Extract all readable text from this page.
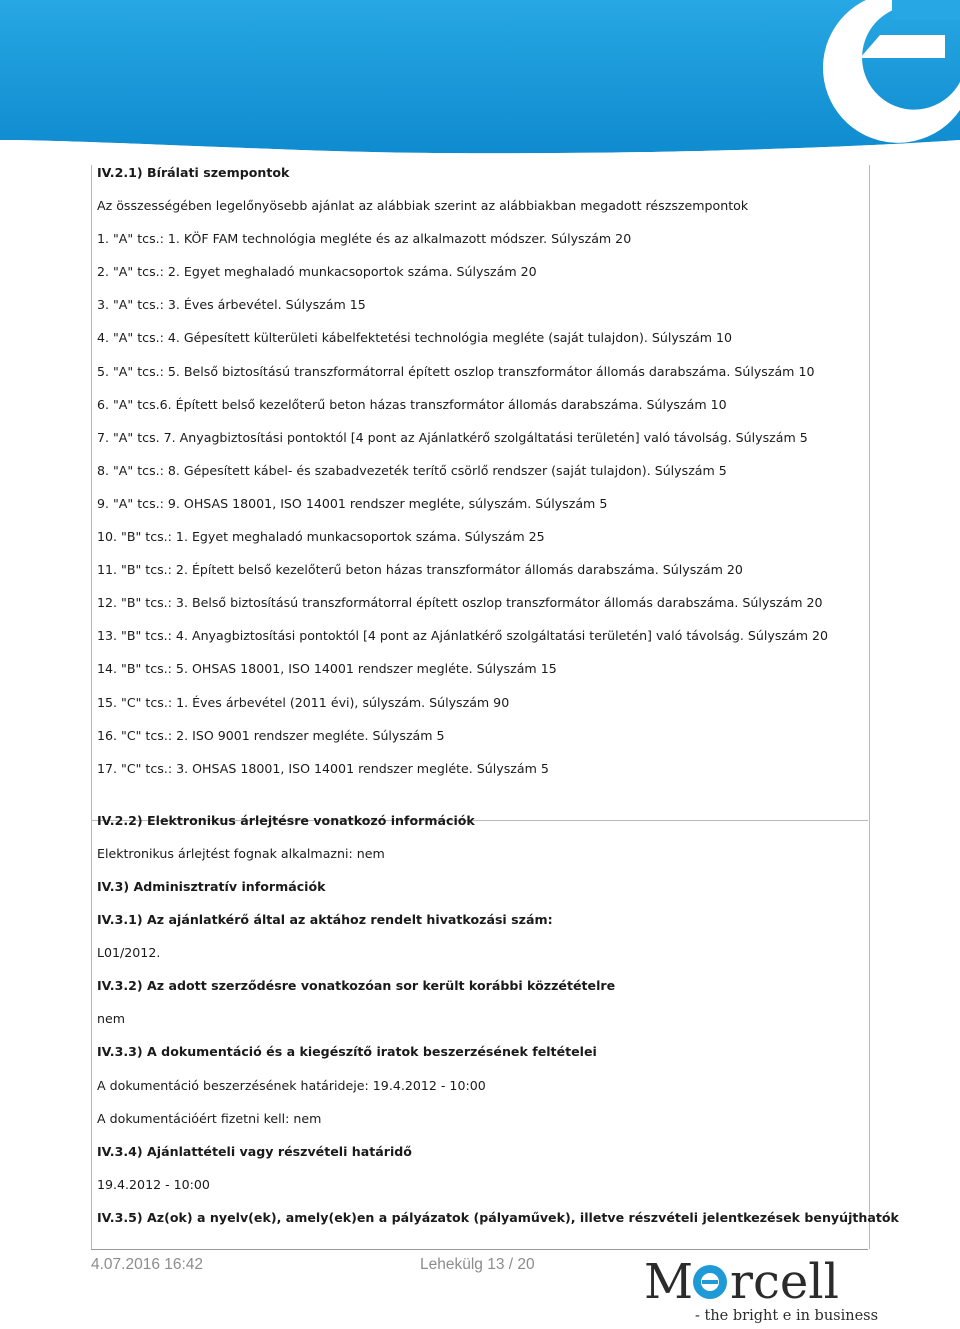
IV.2.1) Bírálati szempontok
Az összességében legelőnyösebb ajánlat az alábbiak szerint az alábbiakban megadott részszempontok
1. "A" tcs.: 1. KÖF FAM technológia megléte és az alkalmazott módszer. Súlyszám 20
2. "A" tcs.: 2. Egyet meghaladó munkacsoportok száma. Súlyszám 20
3. "A" tcs.: 3. Éves árbevétel. Súlyszám 15
4. "A" tcs.: 4. Gépesített külterületi kábelfektetési technológia megléte (saját tulajdon). Súlyszám 10
5. "A" tcs.: 5. Belső biztosítású transzformátorral épített oszlop transzformátor állomás darabszáma. Súlyszám 10
6. "A" tcs.6. Épített belső kezelőterű beton házas transzformátor állomás darabszáma. Súlyszám 10
7. "A" tcs. 7. Anyagbiztosítási pontoktól [4 pont az Ajánlatkérő szolgáltatási területén] való távolság. Súlyszám 5
8. "A" tcs.: 8. Gépesített kábel- és szabadvezeték terítő csörlő rendszer (saját tulajdon). Súlyszám 5
9. "A" tcs.: 9. OHSAS 18001, ISO 14001 rendszer megléte, súlyszám. Súlyszám 5
10. "B" tcs.: 1. Egyet meghaladó munkacsoportok száma. Súlyszám 25
11. "B" tcs.: 2. Épített belső kezelőterű beton házas transzformátor állomás darabszáma. Súlyszám 20
12. "B" tcs.: 3. Belső biztosítású transzformátorral épített oszlop transzformátor állomás darabszáma. Súlyszám 20
13. "B" tcs.: 4. Anyagbiztosítási pontoktól [4 pont az Ajánlatkérő szolgáltatási területén] való távolság. Súlyszám 20
14. "B" tcs.: 5. OHSAS 18001, ISO 14001 rendszer megléte. Súlyszám 15
15. "C" tcs.: 1. Éves árbevétel (2011 évi), súlyszám. Súlyszám 90
16. "C" tcs.: 2. ISO 9001 rendszer megléte. Súlyszám 5
17. "C" tcs.: 3. OHSAS 18001, ISO 14001 rendszer megléte. Súlyszám 5
IV.2.2) Elektronikus árlejtésre vonatkozó információk
Elektronikus árlejtést fognak alkalmazni: nem
IV.3) Adminisztratív információk
IV.3.1) Az ajánlatkérő által az aktához rendelt hivatkozási szám:
L01/2012.
IV.3.2) Az adott szerződésre vonatkozóan sor került korábbi közzétételre
nem
IV.3.3) A dokumentáció és a kiegészítő iratok beszerzésének feltételei
A dokumentáció beszerzésének határideje: 19.4.2012 - 10:00
A dokumentációért fizetni kell: nem
IV.3.4) Ajánlattételi vagy részvételi határidő
19.4.2012 - 10:00
IV.3.5) Az(ok) a nyelv(ek), amely(ek)en a pályázatok (pályaművek), illetve részvételi jelentkezések benyújthatók
4.07.2016 16:42	Lehekülg 13 / 20 M rcell
- the bright e in business
